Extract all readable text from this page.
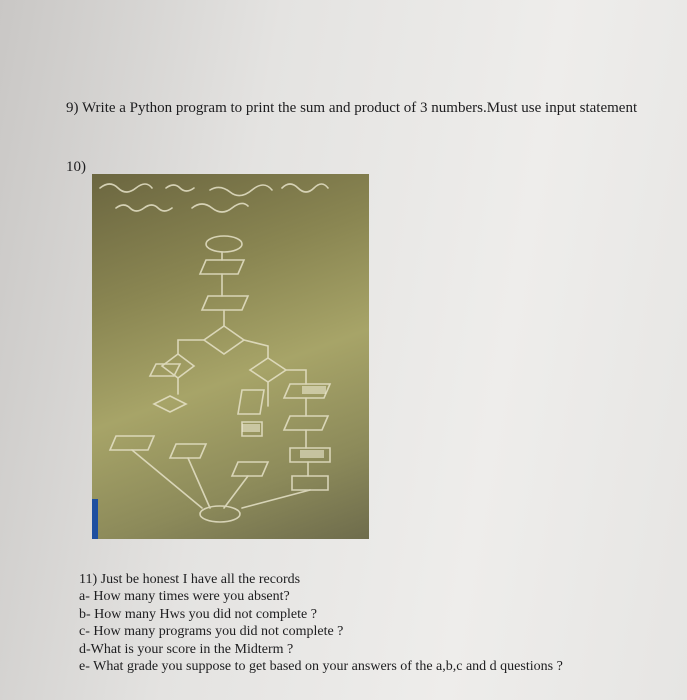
9) Write a Python program to print the sum and product of 3 numbers.Must use input statement
10)
11) Just be honest I have all the records
a- How many times were you absent?
b- How many Hws you did not complete ?
c- How many programs you did not complete ?
d-What is your score in the Midterm ?
e- What grade you suppose to get based on your answers of the a,b,c and d questions ?
